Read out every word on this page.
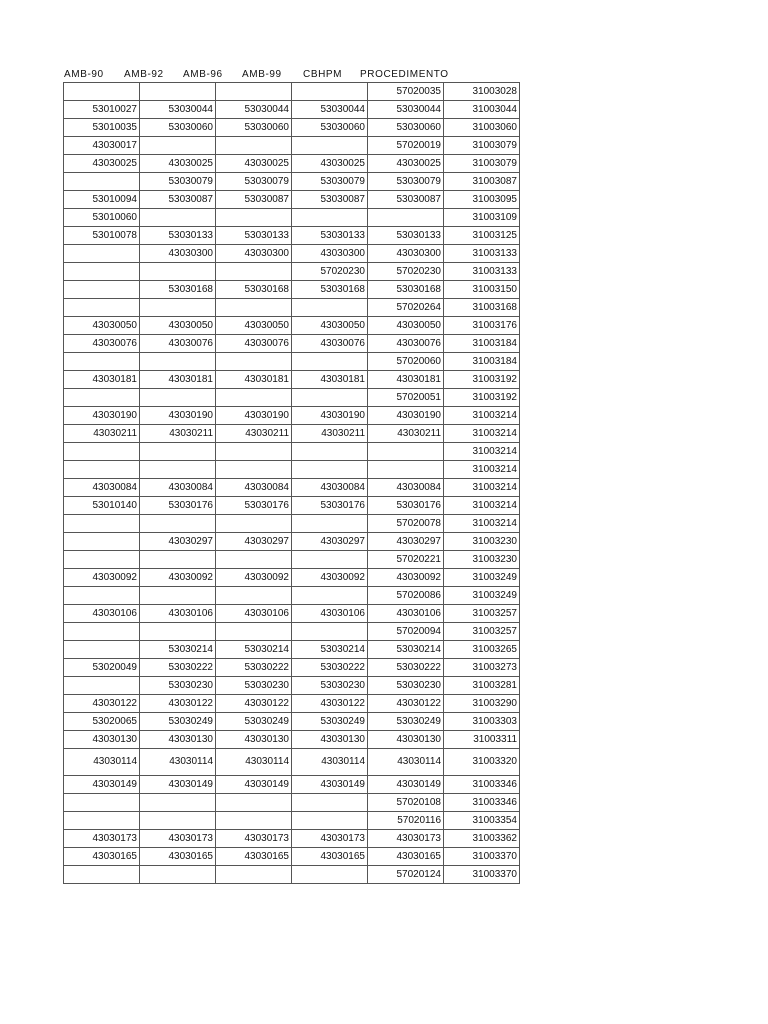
AMB-90 AMB-92 AMB-96 AMB-99 CBHPM PROCEDIMENTO
				57020035	31003028
53010027	53030044	53030044	53030044	53030044	31003044
53010035	53030060	53030060	53030060	53030060	31003060
43030017				57020019	31003079
43030025	43030025	43030025	43030025	43030025	31003079
	53030079	53030079	53030079	53030079	31003087
53010094	53030087	53030087	53030087	53030087	31003095
53010060					31003109
53010078	53030133	53030133	53030133	53030133	31003125
	43030300	43030300	43030300	43030300	31003133
			57020230	57020230	31003133
	53030168	53030168	53030168	53030168	31003150
				57020264	31003168
43030050	43030050	43030050	43030050	43030050	31003176
43030076	43030076	43030076	43030076	43030076	31003184
				57020060	31003184
43030181	43030181	43030181	43030181	43030181	31003192
				57020051	31003192
43030190	43030190	43030190	43030190	43030190	31003214
43030211	43030211	43030211	43030211	43030211	31003214
					31003214
					31003214
43030084	43030084	43030084	43030084	43030084	31003214
53010140	53030176	53030176	53030176	53030176	31003214
				57020078	31003214
	43030297	43030297	43030297	43030297	31003230
				57020221	31003230
43030092	43030092	43030092	43030092	43030092	31003249
				57020086	31003249
43030106	43030106	43030106	43030106	43030106	31003257
				57020094	31003257
	53030214	53030214	53030214	53030214	31003265
53020049	53030222	53030222	53030222	53030222	31003273
	53030230	53030230	53030230	53030230	31003281
43030122	43030122	43030122	43030122	43030122	31003290
53020065	53030249	53030249	53030249	53030249	31003303
43030130	43030130	43030130	43030130	43030130	31003311
43030114	43030114	43030114	43030114	43030114	31003320
43030149	43030149	43030149	43030149	43030149	31003346
				57020108	31003346
				57020116	31003354
43030173	43030173	43030173	43030173	43030173	31003362
43030165	43030165	43030165	43030165	43030165	31003370
				57020124	31003370
